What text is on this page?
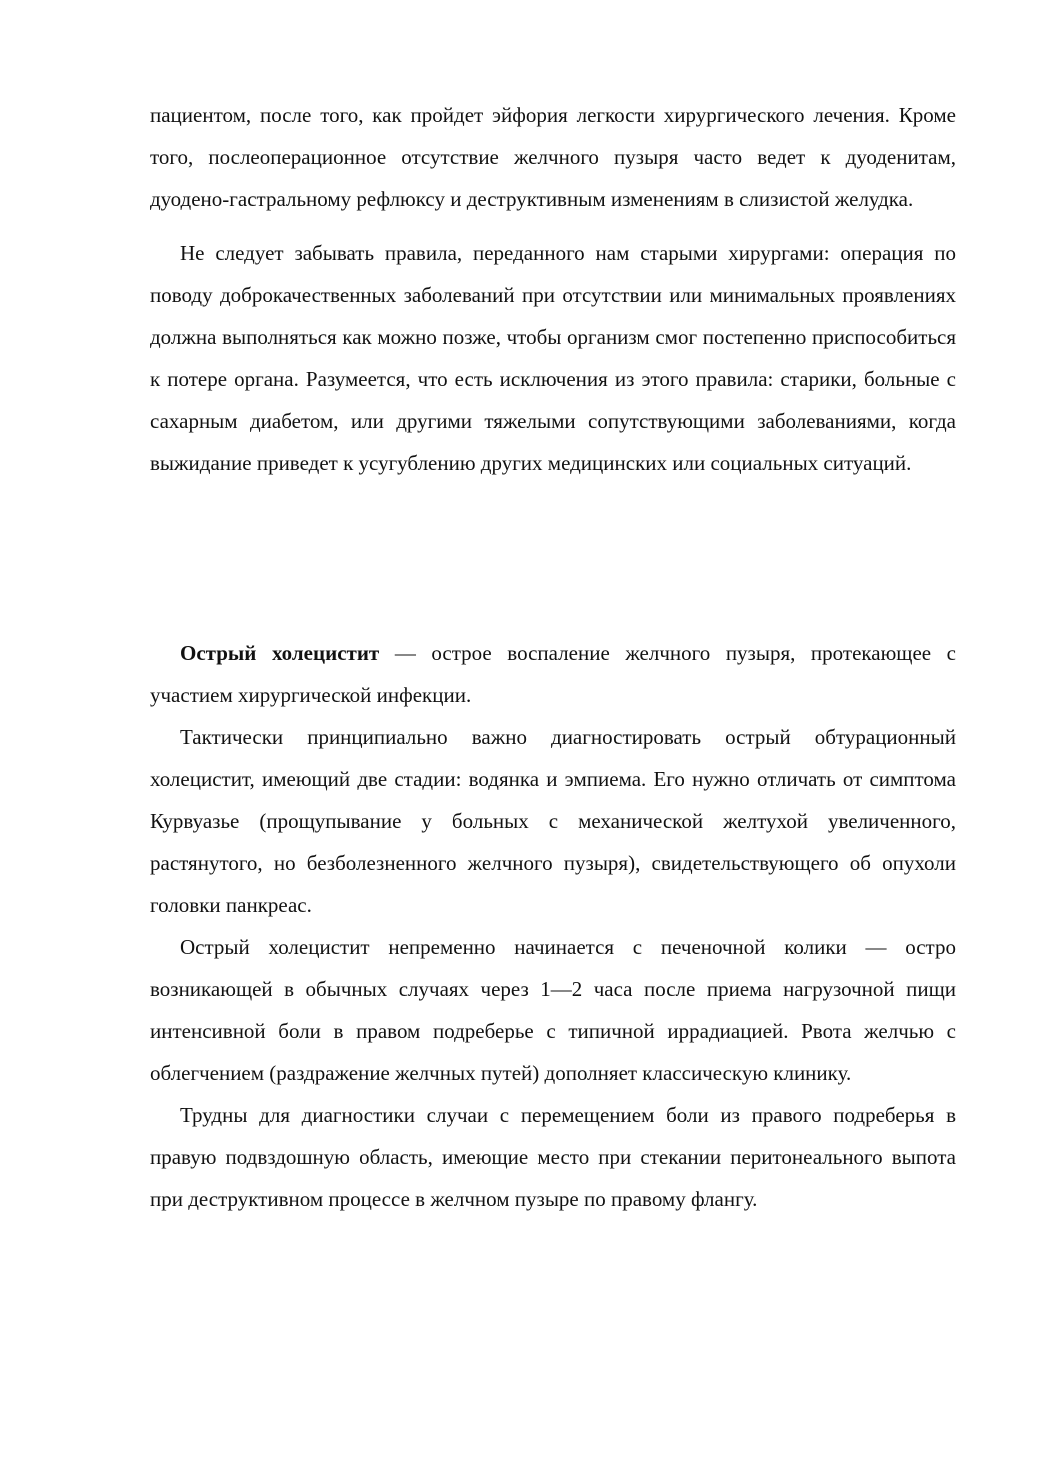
пациентом, после того, как пройдет эйфория легкости хирургического лечения. Кроме того, послеоперационное отсутствие желчного пузыря часто ведет к дуоденитам, дуодено-гастральному рефлюксу и деструктивным изменениям в слизистой желудка.

Не следует забывать правила, переданного нам старыми хирургами: операция по поводу доброкачественных заболеваний при отсутствии или минимальных проявлениях должна выполняться как можно позже, чтобы организм смог постепенно приспособиться к потере органа. Разумеется, что есть исключения из этого правила: старики, больные с сахарным диабетом, или другими тяжелыми сопутствующими заболеваниями, когда выжидание приведет к усугублению других медицинских или социальных ситуаций.

Острый холецистит — острое воспаление желчного пузыря, протекающее с участием хирургической инфекции.

Тактически принципиально важно диагностировать острый обтурационный холецистит, имеющий две стадии: водянка и эмпиема. Его нужно отличать от симптома Курвуазье (прощупывание у больных с механической желтухой увеличенного, растянутого, но безболезненного желчного пузыря), свидетельствующего об опухоли головки панкреас.

Острый холецистит непременно начинается с печеночной колики — остро возникающей в обычных случаях через 1—2 часа после приема нагрузочной пищи интенсивной боли в правом подреберье с типичной иррадиацией. Рвота желчью с облегчением (раздражение желчных путей) дополняет классическую клинику.

Трудны для диагностики случаи с перемещением боли из правого подреберья в правую подвздошную область, имеющие место при стекании перитонеального выпота при деструктивном процессе в желчном пузыре по правому флангу.
